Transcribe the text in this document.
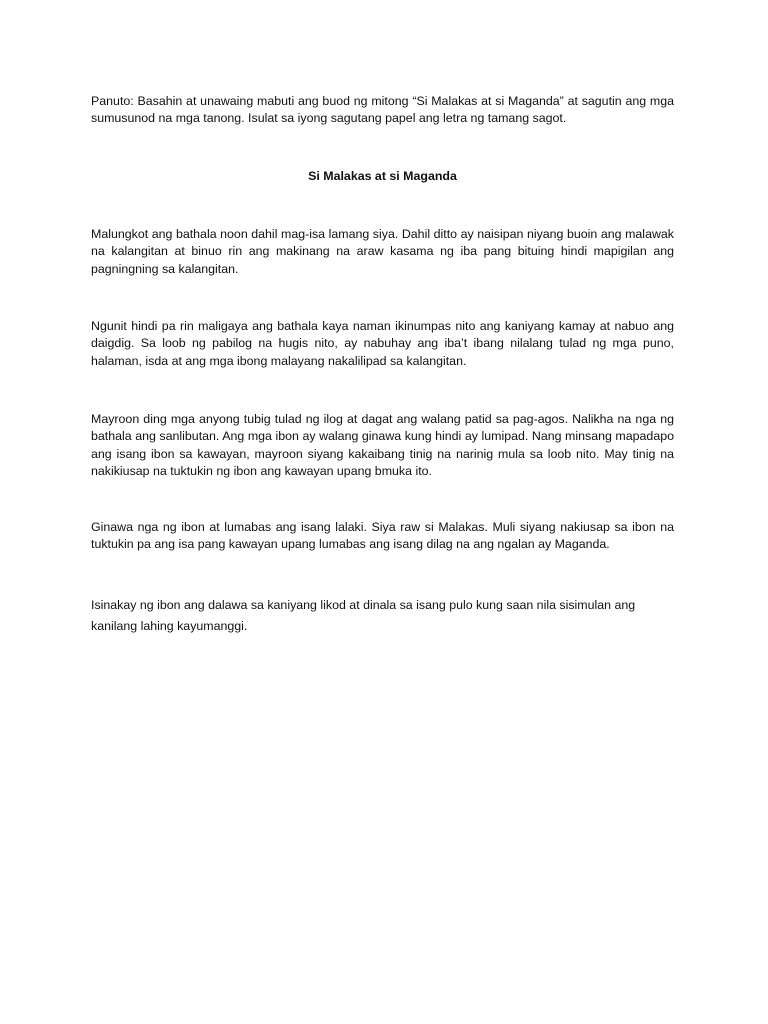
Panuto: Basahin at unawaing mabuti ang buod ng mitong “Si Malakas at si Maganda” at sagutin ang mga sumusunod na mga tanong. Isulat sa iyong sagutang papel ang letra ng tamang sagot.

Si Malakas at si Maganda

Malungkot ang bathala noon dahil mag-isa lamang siya. Dahil ditto ay naisipan niyang buoin ang malawak na kalangitan at binuo rin ang makinang na araw kasama ng iba pang bituing hindi mapigilan ang pagningning sa kalangitan.

Ngunit hindi pa rin maligaya ang bathala kaya naman ikinumpas nito ang kaniyang kamay at nabuo ang daigdig. Sa loob ng pabilog na hugis nito, ay nabuhay ang iba’t ibang nilalang tulad ng mga puno, halaman, isda at ang mga ibong malayang nakalilipad sa kalangitan.

Mayroon ding mga anyong tubig tulad ng ilog at dagat ang walang patid sa pag-agos. Nalikha na nga ng bathala ang sanlibutan. Ang mga ibon ay walang ginawa kung hindi ay lumipad. Nang minsang mapadapo ang isang ibon sa kawayan, mayroon siyang kakaibang tinig na narinig mula sa loob nito. May tinig na nakikiusap na tuktukin ng ibon ang kawayan upang bmuka ito.

Ginawa nga ng ibon at lumabas ang isang lalaki. Siya raw si Malakas. Muli siyang nakiusap sa ibon na tuktukin pa ang isa pang kawayan upang lumabas ang isang dilag na ang ngalan ay Maganda.

Isinakay ng ibon ang dalawa sa kaniyang likod at dinala sa isang pulo kung saan nila sisimulan ang kanilang lahing kayumanggi.
